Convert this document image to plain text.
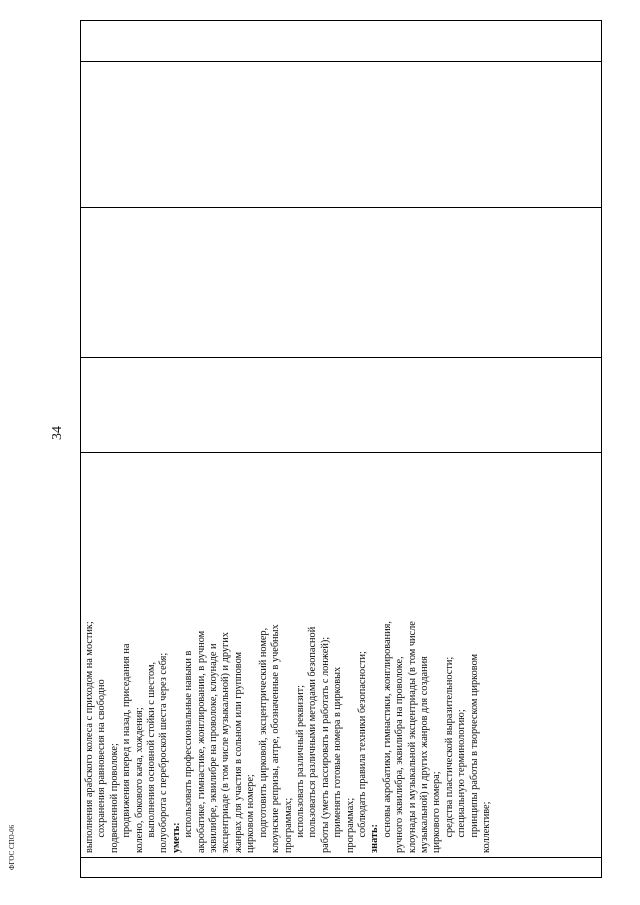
34
ФГОС СПО-06	выполнения арабского колеса с приходом на мостик; сохранения равновесия на свободно подвешенной проволоке; продвижения вперед и назад, приседания на колено, бокового кача, хождения; выполнения основной стойки с шестом, полуоборота с переброской шеста через себя; уметь: использовать профессиональные навыки в акробатике, гимнастике, жонглировании, в ручном эквилибре, эквилибре на проволоке, клоунаде и эксцентриаде (в том числе музыкальной) и других жанрах для участия в сольном или групповом цирковом номере; подготовить цирковой, эксцентрический номер, клоунские репризы, антре, обозначенные в учебных программах; использовать различный реквизит;
пользоваться различными методами безопасной работы (уметь пассировать и работать с лонжей); применять готовые номера в цирковых программах; соблюдать правила техники безопасности;
знать: основы акробатики, гимнастики, жонглирования, ручного эквилибра, эквилибра на проволоке, клоунады и музыкальной эксцентриады (в том числе музыкальной) и других жанров для создания циркового номера; средства пластической выразительности;
специальную терминологию;
принципы работы в творческом цирковом коллективе;
